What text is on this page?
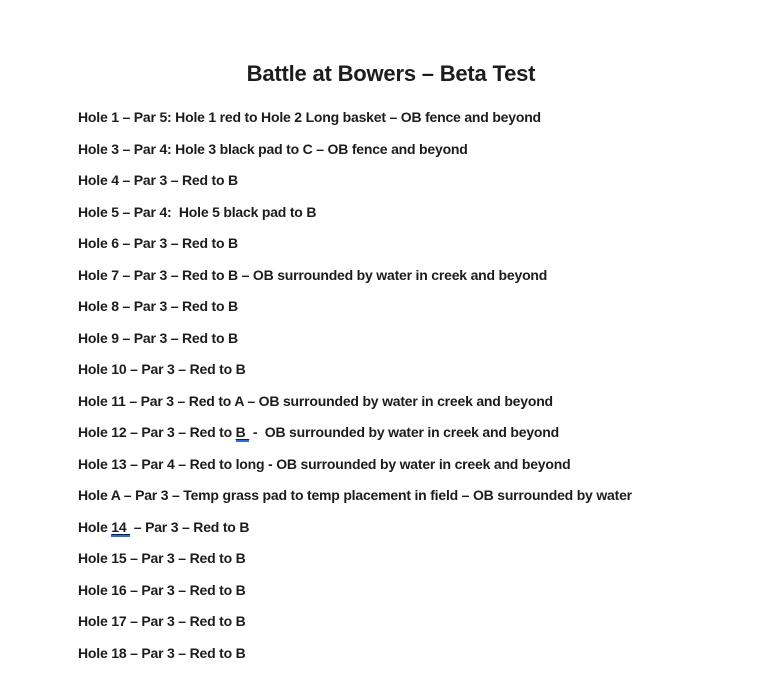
Battle at Bowers – Beta Test

Hole 1 – Par 5: Hole 1 red to Hole 2 Long basket – OB fence and beyond

Hole 3 – Par 4: Hole 3 black pad to C – OB fence and beyond

Hole 4 – Par 3 – Red to B

Hole 5 – Par 4:  Hole 5 black pad to B

Hole 6 – Par 3 – Red to B

Hole 7 – Par 3 – Red to B – OB surrounded by water in creek and beyond

Hole 8 – Par 3 – Red to B

Hole 9 – Par 3 – Red to B

Hole 10 – Par 3 – Red to B

Hole 11 – Par 3 – Red to A – OB surrounded by water in creek and beyond

Hole 12 – Par 3 – Red to B  -  OB surrounded by water in creek and beyond

Hole 13 – Par 4 – Red to long - OB surrounded by water in creek and beyond

Hole A – Par 3 – Temp grass pad to temp placement in field – OB surrounded by water

Hole 14  – Par 3 – Red to B

Hole 15 – Par 3 – Red to B

Hole 16 – Par 3 – Red to B

Hole 17 – Par 3 – Red to B

Hole 18 – Par 3 – Red to B
